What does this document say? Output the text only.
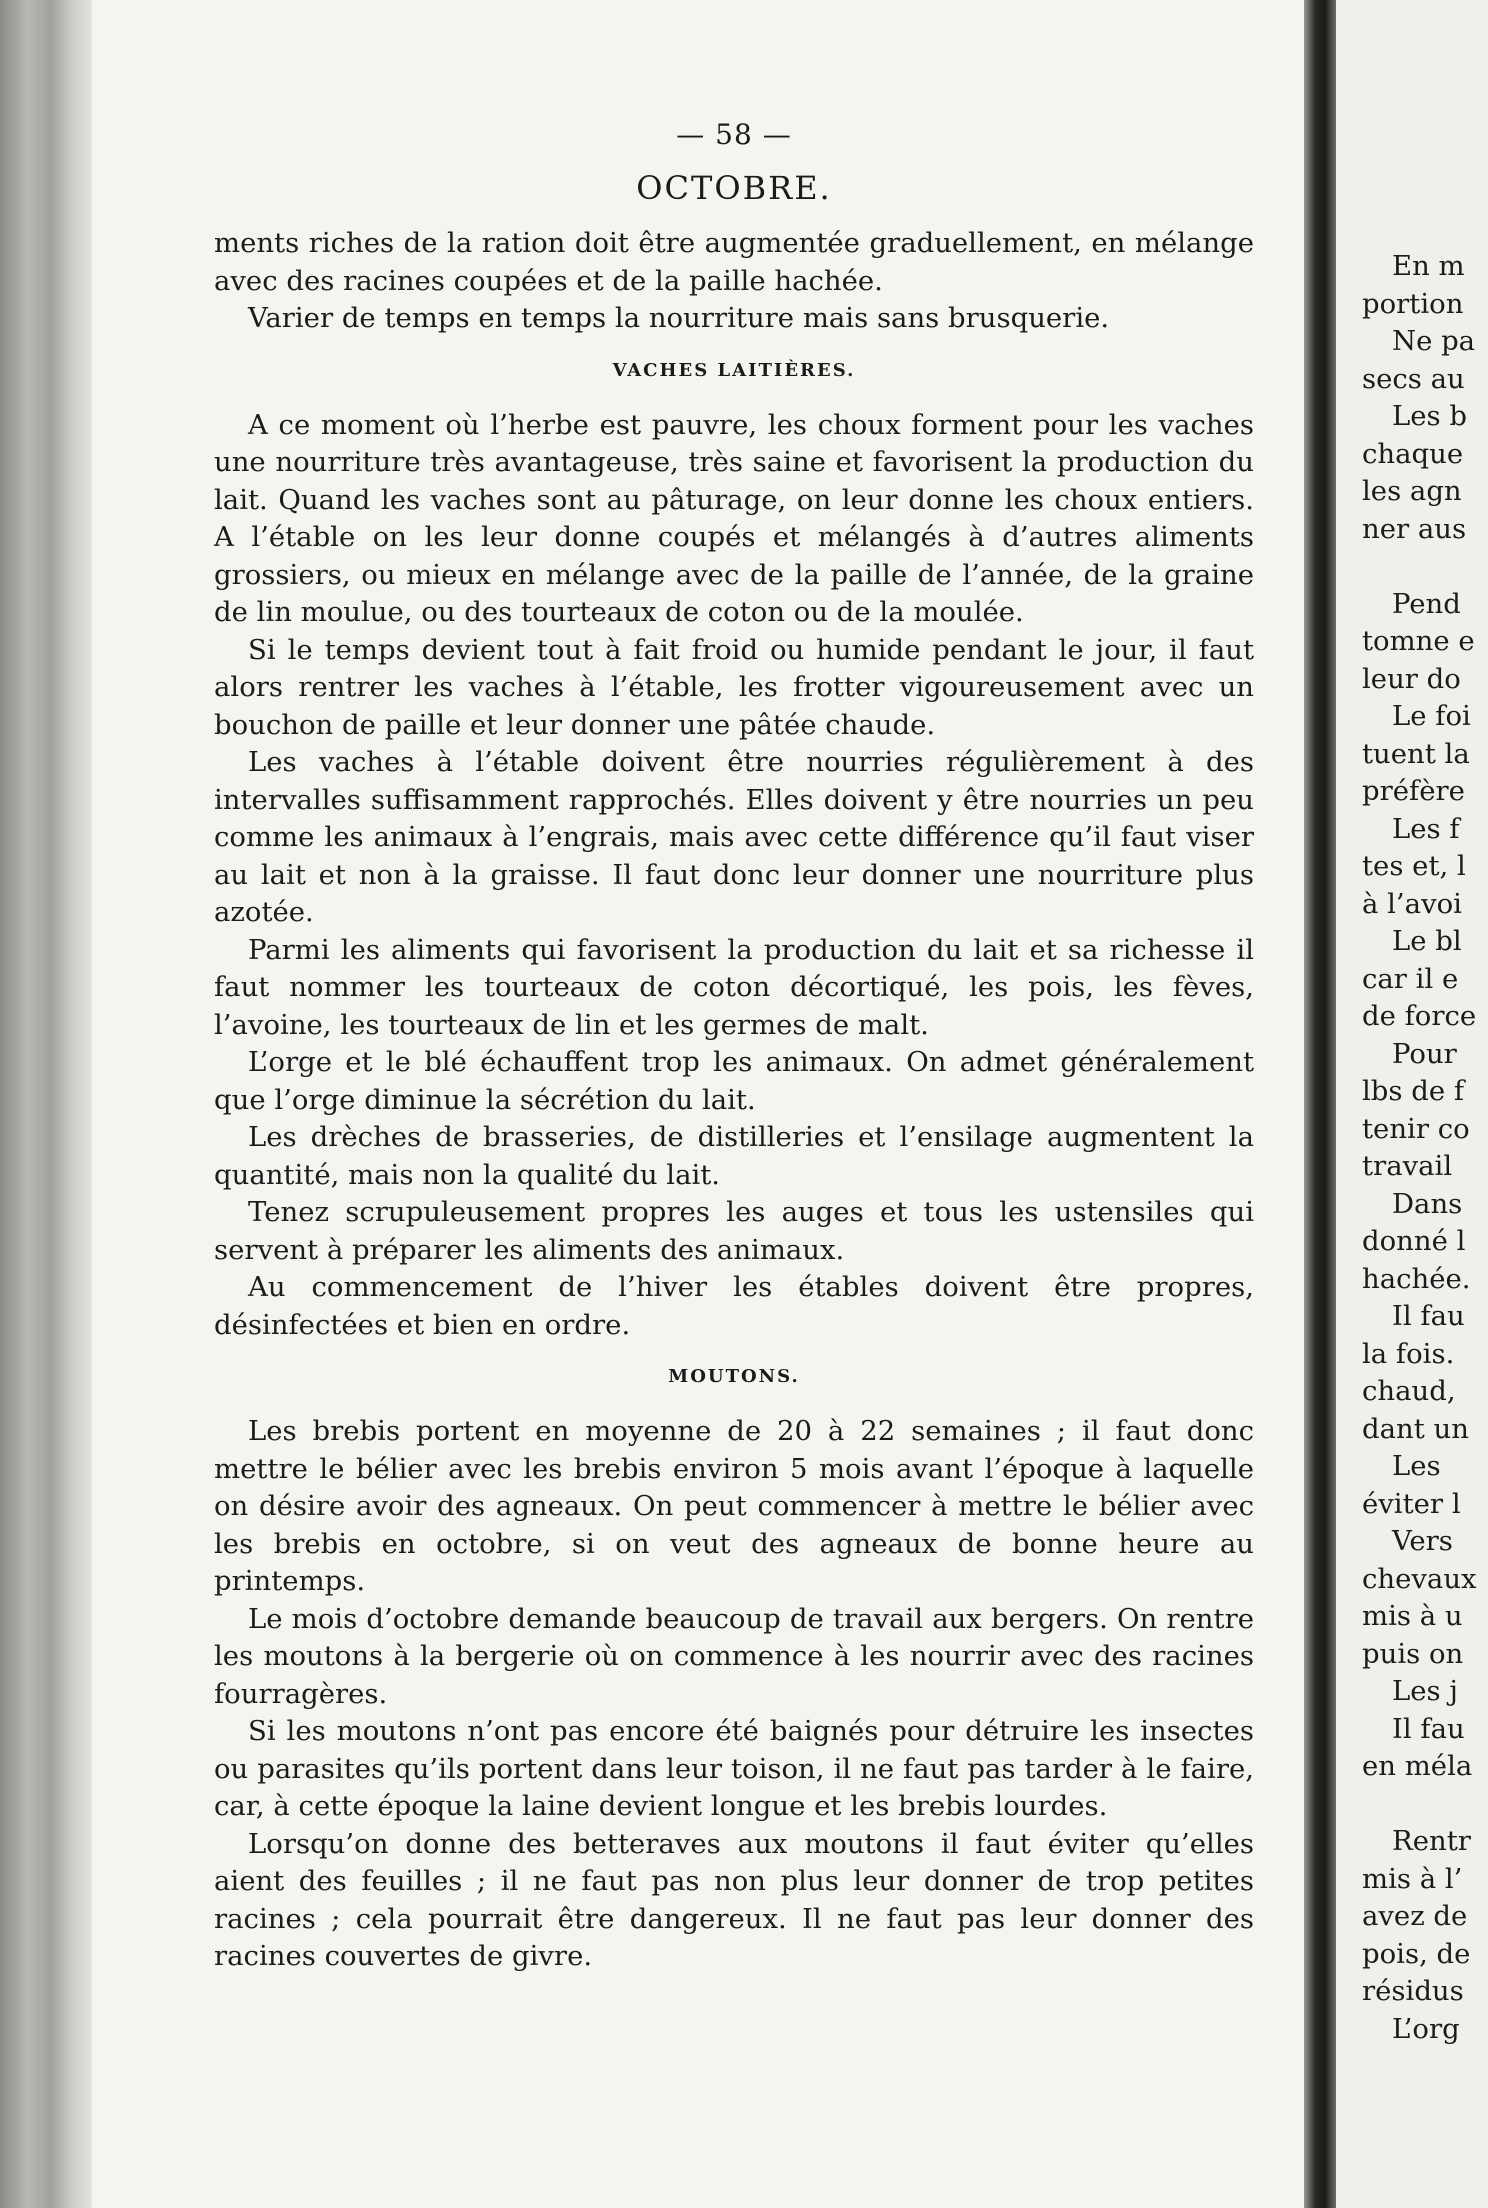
— 58 —
OCTOBRE.

ments riches de la ration doit être augmentée graduellement, en mélange avec des racines coupées et de la paille hachée.

Varier de temps en temps la nourriture mais sans brusquerie.

VACHES LAITIÈRES.

A ce moment où l’herbe est pauvre, les choux forment pour les vaches une nourriture très avantageuse, très saine et favorisent la production du lait. Quand les vaches sont au pâturage, on leur donne les choux entiers. A l’étable on les leur donne coupés et mélangés à d’autres aliments grossiers, ou mieux en mélange avec de la paille de l’année, de la graine de lin moulue, ou des tourteaux de coton ou de la moulée.

Si le temps devient tout à fait froid ou humide pendant le jour, il faut alors rentrer les vaches à l’étable, les frotter vigoureusement avec un bouchon de paille et leur donner une pâtée chaude.

Les vaches à l’étable doivent être nourries régulièrement à des intervalles suffisamment rapprochés. Elles doivent y être nourries un peu comme les animaux à l’engrais, mais avec cette différence qu’il faut viser au lait et non à la graisse. Il faut donc leur donner une nourriture plus azotée.

Parmi les aliments qui favorisent la production du lait et sa richesse il faut nommer les tourteaux de coton décortiqué, les pois, les fèves, l’avoine, les tourteaux de lin et les germes de malt.

L’orge et le blé échauffent trop les animaux. On admet généralement que l’orge diminue la sécrétion du lait.

Les drèches de brasseries, de distilleries et l’ensilage augmentent la quantité, mais non la qualité du lait.

Tenez scrupuleusement propres les auges et tous les ustensiles qui servent à préparer les aliments des animaux.

Au commencement de l’hiver les étables doivent être propres, désinfectées et bien en ordre.

MOUTONS.

Les brebis portent en moyenne de 20 à 22 semaines ; il faut donc mettre le bélier avec les brebis environ 5 mois avant l’époque à laquelle on désire avoir des agneaux. On peut commencer à mettre le bélier avec les brebis en octobre, si on veut des agneaux de bonne heure au printemps.

Le mois d’octobre demande beaucoup de travail aux bergers. On rentre les moutons à la bergerie où on commence à les nourrir avec des racines fourragères.

Si les moutons n’ont pas encore été baignés pour détruire les insectes ou parasites qu’ils portent dans leur toison, il ne faut pas tarder à le faire, car, à cette époque la laine devient longue et les brebis lourdes.

Lorsqu’on donne des betteraves aux moutons il faut éviter qu’elles aient des feuilles ; il ne faut pas non plus leur donner de trop petites racines ; cela pourrait être dangereux. Il ne faut pas leur donner des racines couvertes de givre.

En m
portion
Ne pa
secs au
Les b
chaque
les agn
ner aus
Pend
tomne e
leur do
Le foi
tuent la
préfère
Les f
tes et, l
à l’avoi
Le bl
car il e
de force
Pour
lbs de f
tenir co
travail
Dans
donné l
hachée.
Il fau
la fois.
chaud,
dant un
Les
éviter l
Vers
chevaux
mis à u
puis on
Les j
Il fau
en méla
Rentr
mis à l’
avez de
pois, de
résidus
L’org
